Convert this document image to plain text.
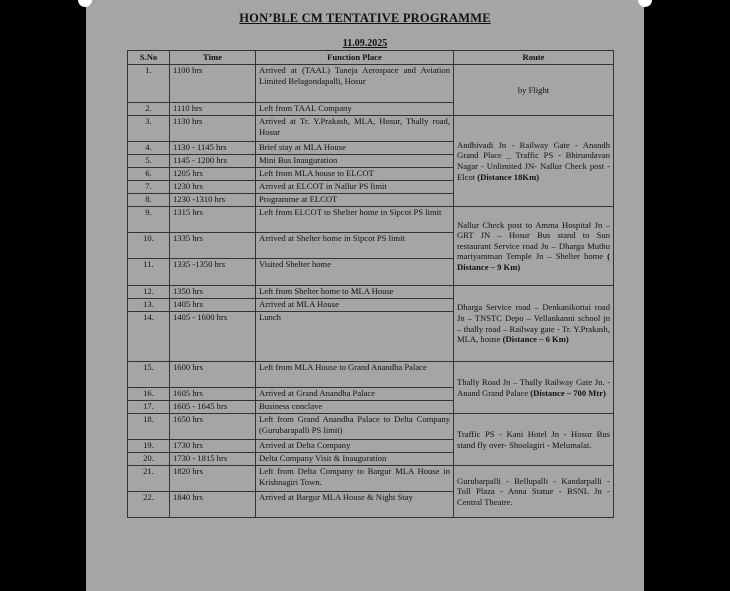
HON’BLE CM TENTATIVE PROGRAMME
11.09.2025
S.No	Time	Function Place	Route
1.	1100 hrs	Arrived at (TAAL) Taneja Aerospace and Aviation Limited Belagondapalli, Hosur	by Flight
2.	1110 hrs	Left from TAAL Company	
3.	1130 hrs	Arrived at Tr. Y.Prakash, MLA, Hosur, Thally road, Hosur	Andhivadi Jn - Railway Gate - Anandh Grand Place _ Traffic PS - Bhirundavan Nagar - Unlimited JN- Nallur Check post - Elcot (Distance 18Km)
4.	1130 - 1145 hrs	Brief stay at MLA House	
5.	1145 - 1200 hrs	Mini Bus Inauguration	
6.	1205 hrs	Left from MLA house to ELCOT	
7.	1230 hrs	Arrived at ELCOT in Nallur PS limit	
8.	1230 -1310 hrs	Programme at ELCOT	
9.	1315 hrs	Left from ELCOT to Shelter home in Sipcot PS limit	Nallur Check post to Amma Hospital Jn – GRT JN – Hosur Bus stand to Sun restaurant Service road Jn – Dharga Muthu mariyamman Temple Jn – Shelter home ( Distance – 9 Km)
10.	1335 hrs	Arrived at Shelter home in Sipcot PS limit	
11.	1335 -1350 hrs	Visited Shelter home	
12.	1350 hrs	Left from Shelter home to MLA House	Dharga Service road – Denkanikottai road Jn – TNSTC Depo – Vellankanni school jn – thally road – Railway gate - Tr. Y.Prakash, MLA, house (Distance – 6 Km)
13.	1405 hrs	Arrived at MLA House	
14.	1405 - 1600 hrs	Lunch	
15.	1600 hrs	Left from MLA House to Grand Anandha Palace	Thally Road Jn – Thally Railway Gate Jn. - Anand Grand Palace (Distance – 700 Mtr)
16.	1605 hrs	Arrived at Grand Anandha Palace	
17.	1605 - 1645 hrs	Business conclave	
18.	1650 hrs	Left from Grand Anandha Palace to Delta Company (Gurubarapalli PS limit)	Traffic PS - Kani Hotel Jn - Hosur Bus stand fly over- Shoolagiri - Melumalai.
19.	1730 hrs	Arrived at Delta Company	
20.	1730 - 1815 hrs	Delta Company Visit & Inauguration	
21.	1820 hrs	Left from Delta Company to Bargur MLA House in Krishnagiri Town.	Gurubarpalli - Bellupalli - Kandarpalli - Toll Plaza - Anna Statue - BSNL Jn - Central Theatre.
22.	1840 hrs	Arrived at Bargur MLA House & Night Stay	
